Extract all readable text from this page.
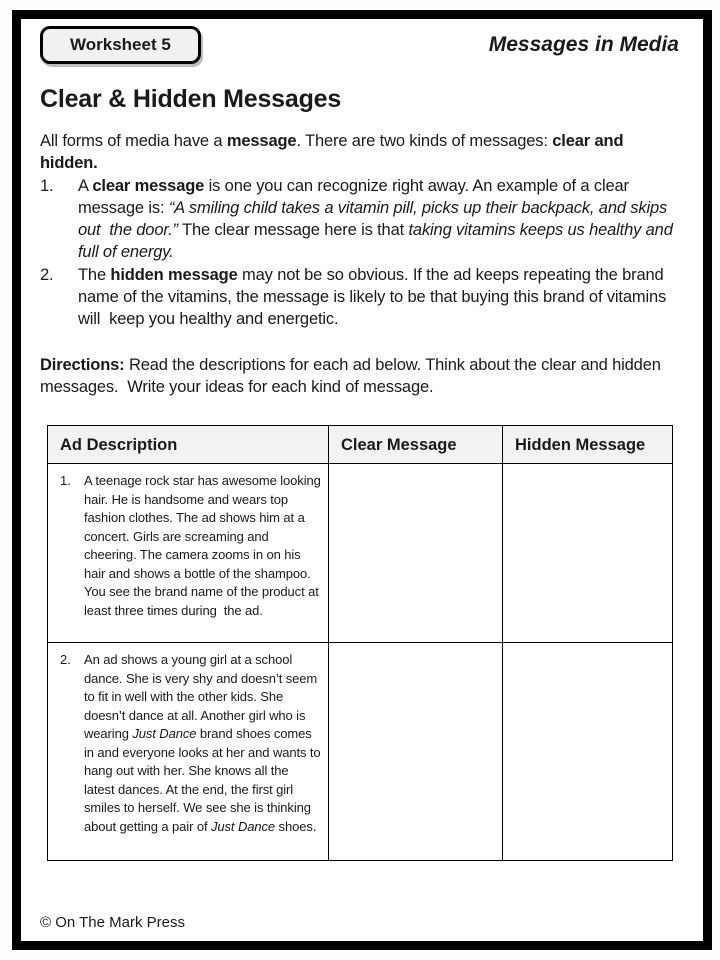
Worksheet 5	Messages in Media
Clear & Hidden Messages

All forms of media have a message. There are two kinds of messages: clear and hidden.

1.	A clear message is one you can recognize right away. An example of a clear message is: “A smiling child takes a vitamin pill, picks up their backpack, and skips out  the door.” The clear message here is that taking vitamins keeps us healthy and full of energy.
2.	The hidden message may not be so obvious. If the ad keeps repeating the brand name of the vitamins, the message is likely to be that buying this brand of vitamins will  keep you healthy and energetic.

Directions: Read the descriptions for each ad below. Think about the clear and hidden messages.  Write your ideas for each kind of message.

Ad Description	Clear Message	Hidden Message

1. A teenage rock star has awesome looking hair. He is handsome and wears top fashion clothes. The ad shows him at a concert. Girls are screaming and cheering. The camera zooms in on his hair and shows a bottle of the shampoo. You see the brand name of the product at least three times during  the ad.		

2. An ad shows a young girl at a school dance. She is very shy and doesn’t seem to fit in well with the other kids. She doesn’t dance at all. Another girl who is wearing Just Dance brand shoes comes in and everyone looks at her and wants to hang out with her. She knows all the latest dances. At the end, the first girl smiles to herself. We see she is thinking about getting a pair of Just Dance shoes.		

© On The Mark Press
